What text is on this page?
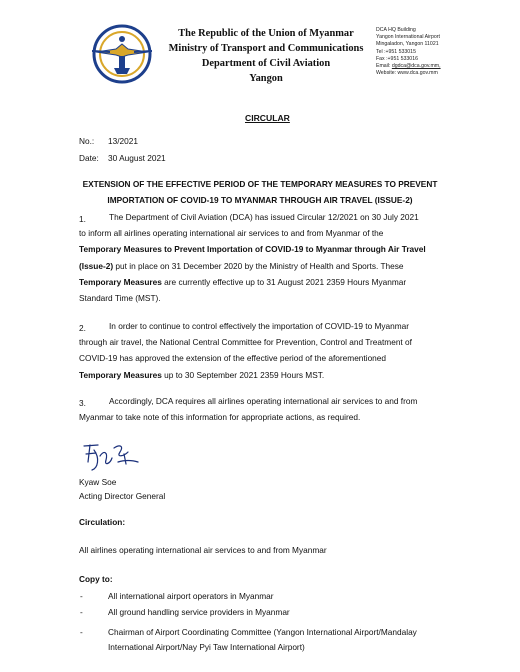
The Republic of the Union of Myanmar
Ministry of Transport and Communications
Department of Civil Aviation
Yangon
DCA HQ Building
Yangon International Airport
Mingaladon, Yangon 11021
Tel :+951 533015
Fax :+951 533016
Email: dgdca@dca.gov.mm,
Website: www.dca.gov.mm
CIRCULAR
No.: 13/2021
Date: 30 August 2021
EXTENSION OF THE EFFECTIVE PERIOD OF THE TEMPORARY MEASURES TO PREVENT
IMPORTATION OF COVID-19 TO MYANMAR THROUGH AIR TRAVEL (ISSUE-2)
1.	The Department of Civil Aviation (DCA) has issued Circular 12/2021 on 30 July 2021
to inform all airlines operating international air services to and from Myanmar of the
Temporary Measures to Prevent Importation of COVID-19 to Myanmar through Air Travel
(Issue-2) put in place on 31 December 2020 by the Ministry of Health and Sports. These
Temporary Measures are currently effective up to 31 August 2021 2359 Hours Myanmar
Standard Time (MST).
2.	In order to continue to control effectively the importation of COVID-19 to Myanmar
through air travel, the National Central Committee for Prevention, Control and Treatment of
COVID-19 has approved the extension of the effective period of the aforementioned
Temporary Measures up to 30 September 2021 2359 Hours MST.
3.	Accordingly, DCA requires all airlines operating international air services to and from
Myanmar to take note of this information for appropriate actions, as required.
Kyaw Soe
Acting Director General
Circulation:
All airlines operating international air services to and from Myanmar
Copy to:
-	All international airport operators in Myanmar
-	All ground handling service providers in Myanmar
-	Chairman of Airport Coordinating Committee (Yangon International Airport/Mandalay
International Airport/Nay Pyi Taw International Airport)
